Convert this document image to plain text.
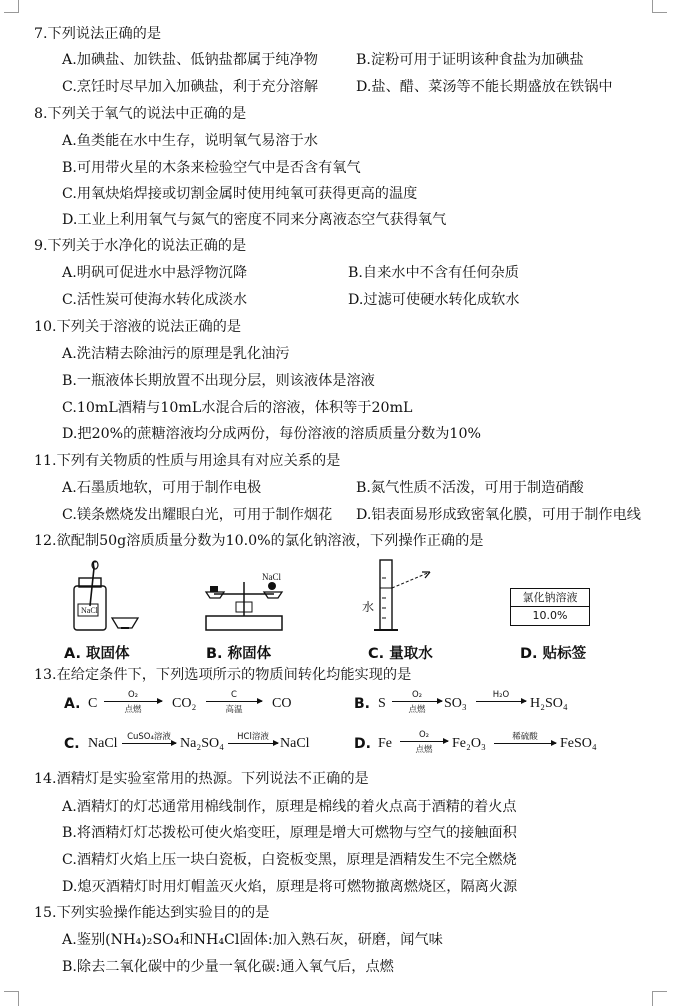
7.下列说法正确的是
A.加碘盐、加铁盐、低钠盐都属于纯净物	B.淀粉可用于证明该种食盐为加碘盐
C.烹饪时尽早加入加碘盐，利于充分溶解	D.盐、醋、菜汤等不能长期盛放在铁锅中
8.下列关于氧气的说法中正确的是
A.鱼类能在水中生存，说明氧气易溶于水
B.可用带火星的木条来检验空气中是否含有氧气
C.用氧炔焰焊接或切割金属时使用纯氧可获得更高的温度
D.工业上利用氧气与氮气的密度不同来分离液态空气获得氧气
9.下列关于水净化的说法正确的是
A.明矾可促进水中悬浮物沉降	B.自来水中不含有任何杂质
C.活性炭可使海水转化成淡水	D.过滤可使硬水转化成软水
10.下列关于溶液的说法正确的是
A.洗洁精去除油污的原理是乳化油污
B.一瓶液体长期放置不出现分层，则该液体是溶液
C.10mL酒精与10mL水混合后的溶液，体积等于20mL
D.把20%的蔗糖溶液均分成两份，每份溶液的溶质质量分数为10%
11.下列有关物质的性质与用途具有对应关系的是
A.石墨质地软，可用于制作电极	B.氮气性质不活泼，可用于制造硝酸
C.镁条燃烧发出耀眼白光，可用于制作烟花 D.铝表面易形成致密氧化膜，可用于制作电线
12.欲配制50g溶质质量分数为10.0%的氯化钠溶液，下列操作正确的是
NaCl
NaCl
水
氯化钠溶液
10.0%
A. 取固体	B. 称固体	C. 量取水	D. 贴标签
13.在给定条件下，下列选项所示的物质间转化均能实现的是
A. C
O₂
点燃	CO₂
C
高温	CO	B. S
O₂
点燃	SO₃
H₂O
H₂SO₄
C. NaCl	CuSO₄溶液 Na₂SO₄	HCl溶液 NaCl	D. Fe
O₂
点燃	Fe₂O₃	稀硫酸	FeSO₄
14.酒精灯是实验室常用的热源。下列说法不正确的是
A.酒精灯的灯芯通常用棉线制作，原理是棉线的着火点高于酒精的着火点
B.将酒精灯灯芯拨松可使火焰变旺，原理是增大可燃物与空气的接触面积
C.酒精灯火焰上压一块白瓷板，白瓷板变黑，原理是酒精发生不完全燃烧
D.熄灭酒精灯时用灯帽盖灭火焰，原理是将可燃物撤离燃烧区，隔离火源
15.下列实验操作能达到实验目的的是
A.鉴别(NH₄)₂SO₄和NH₄Cl固体:加入熟石灰，研磨，闻气味
B.除去二氧化碳中的少量一氧化碳:通入氧气后，点燃
